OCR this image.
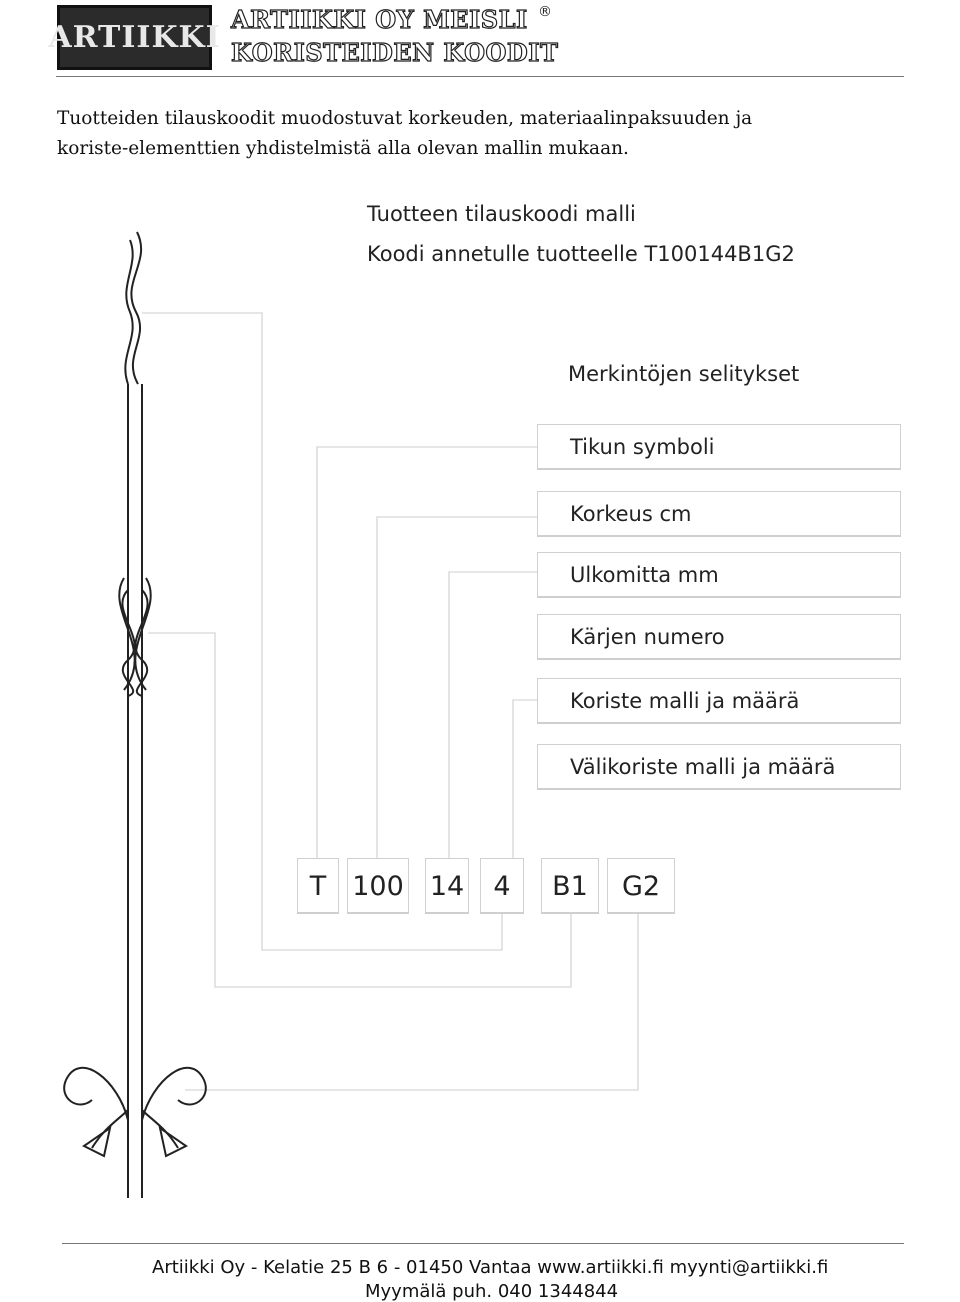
ARTIIKKI
ARTIIKKI OY MEISLI ®
KORISTEIDEN KOODIT
Tuotteiden tilauskoodit muodostuvat korkeuden, materiaalinpaksuuden ja
koriste-elementtien yhdistelmistä alla olevan mallin mukaan.
Tuotteen tilauskoodi malli
Koodi annetulle tuotteelle T100144B1G2
Merkintöjen selitykset
Tikun symboli
Korkeus cm
Ulkomitta mm
Kärjen numero
Koriste malli ja määrä
Välikoriste malli ja määrä
T 100 14	4	B1	G2
Artiikki Oy - Kelatie 25 B 6 - 01450 Vantaa www.artiikki.fi myynti@artiikki.fi
Myymälä puh. 040 1344844
